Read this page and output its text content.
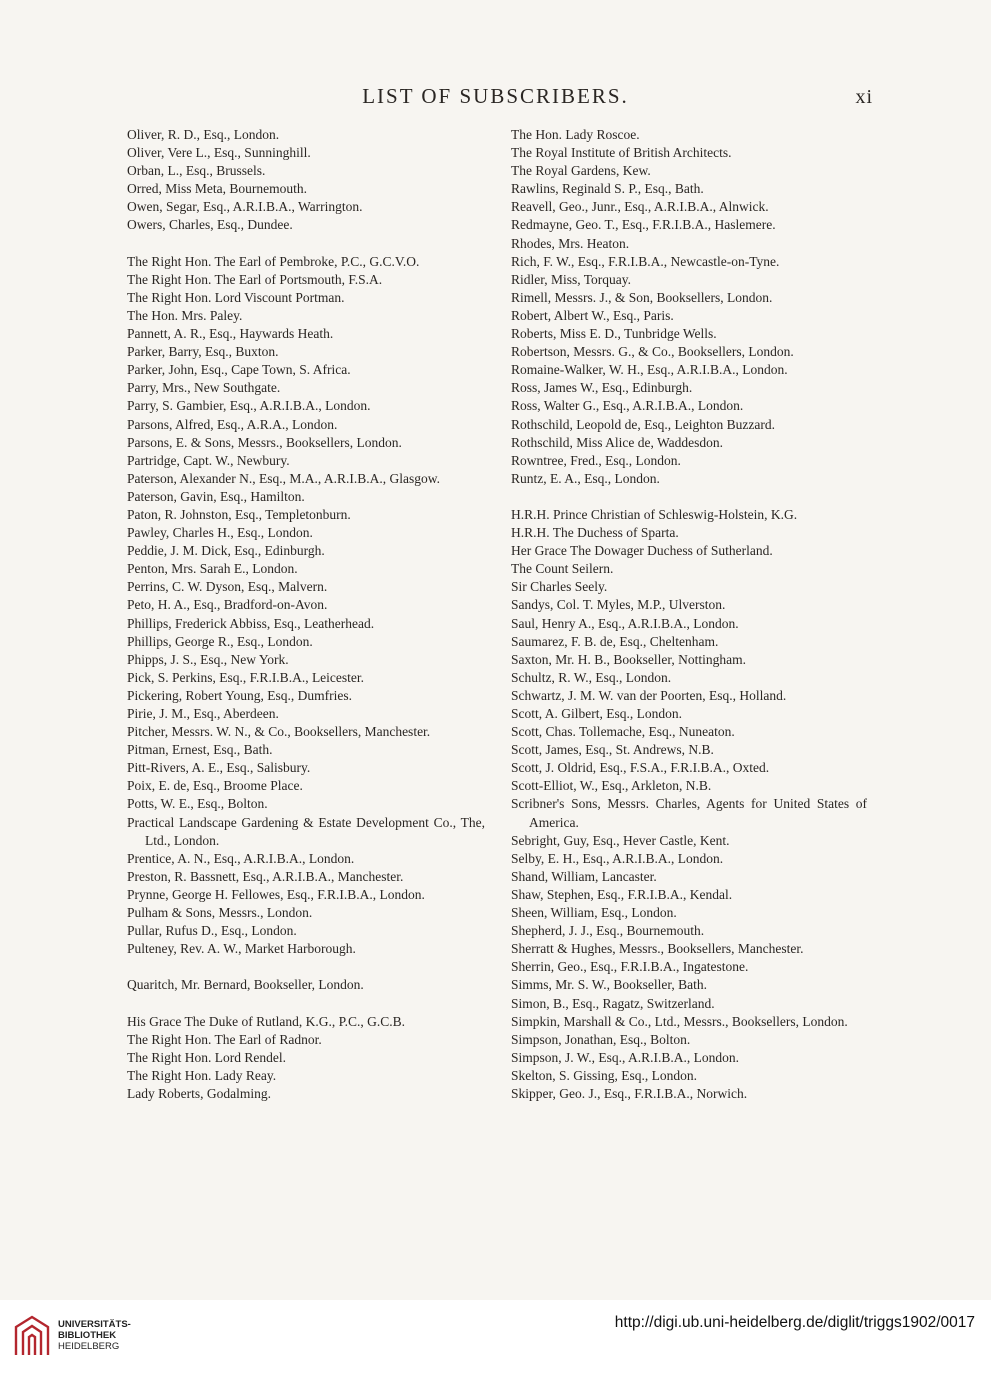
LIST OF SUBSCRIBERS.	xi
Oliver, R. D., Esq., London.
Oliver, Vere L., Esq., Sunninghill.
Orban, L., Esq., Brussels.
Orred, Miss Meta, Bournemouth.
Owen, Segar, Esq., A.R.I.B.A., Warrington.
Owers, Charles, Esq., Dundee.
The Right Hon. The Earl of Pembroke, P.C., G.C.V.O.
The Right Hon. The Earl of Portsmouth, F.S.A.
The Right Hon. Lord Viscount Portman.
The Hon. Mrs. Paley.
Pannett, A. R., Esq., Haywards Heath.
Parker, Barry, Esq., Buxton.
Parker, John, Esq., Cape Town, S. Africa.
Parry, Mrs., New Southgate.
Parry, S. Gambier, Esq., A.R.I.B.A., London.
Parsons, Alfred, Esq., A.R.A., London.
Parsons, E. & Sons, Messrs., Booksellers, London.
Partridge, Capt. W., Newbury.
Paterson, Alexander N., Esq., M.A., A.R.I.B.A., Glasgow.
Paterson, Gavin, Esq., Hamilton.
Paton, R. Johnston, Esq., Templetonburn.
Pawley, Charles H., Esq., London.
Peddie, J. M. Dick, Esq., Edinburgh.
Penton, Mrs. Sarah E., London.
Perrins, C. W. Dyson, Esq., Malvern.
Peto, H. A., Esq., Bradford-on-Avon.
Phillips, Frederick Abbiss, Esq., Leatherhead.
Phillips, George R., Esq., London.
Phipps, J. S., Esq., New York.
Pick, S. Perkins, Esq., F.R.I.B.A., Leicester.
Pickering, Robert Young, Esq., Dumfries.
Pirie, J. M., Esq., Aberdeen.
Pitcher, Messrs. W. N., & Co., Booksellers, Manchester.
Pitman, Ernest, Esq., Bath.
Pitt-Rivers, A. E., Esq., Salisbury.
Poix, E. de, Esq., Broome Place.
Potts, W. E., Esq., Bolton.
Practical Landscape Gardening & Estate Development Co., The, Ltd., London.
Prentice, A. N., Esq., A.R.I.B.A., London.
Preston, R. Bassnett, Esq., A.R.I.B.A., Manchester.
Prynne, George H. Fellowes, Esq., F.R.I.B.A., London.
Pulham & Sons, Messrs., London.
Pullar, Rufus D., Esq., London.
Pulteney, Rev. A. W., Market Harborough.
Quaritch, Mr. Bernard, Bookseller, London.
His Grace The Duke of Rutland, K.G., P.C., G.C.B.
The Right Hon. The Earl of Radnor.
The Right Hon. Lord Rendel.
The Right Hon. Lady Reay.
Lady Roberts, Godalming.
The Hon. Lady Roscoe.
The Royal Institute of British Architects.
The Royal Gardens, Kew.
Rawlins, Reginald S. P., Esq., Bath.
Reavell, Geo., Junr., Esq., A.R.I.B.A., Alnwick.
Redmayne, Geo. T., Esq., F.R.I.B.A., Haslemere.
Rhodes, Mrs. Heaton.
Rich, F. W., Esq., F.R.I.B.A., Newcastle-on-Tyne.
Ridler, Miss, Torquay.
Rimell, Messrs. J., & Son, Booksellers, London.
Robert, Albert W., Esq., Paris.
Roberts, Miss E. D., Tunbridge Wells.
Robertson, Messrs. G., & Co., Booksellers, London.
Romaine-Walker, W. H., Esq., A.R.I.B.A., London.
Ross, James W., Esq., Edinburgh.
Ross, Walter G., Esq., A.R.I.B.A., London.
Rothschild, Leopold de, Esq., Leighton Buzzard.
Rothschild, Miss Alice de, Waddesdon.
Rowntree, Fred., Esq., London.
Runtz, E. A., Esq., London.
H.R.H. Prince Christian of Schleswig-Holstein, K.G.
H.R.H. The Duchess of Sparta.
Her Grace The Dowager Duchess of Sutherland.
The Count Seilern.
Sir Charles Seely.
Sandys, Col. T. Myles, M.P., Ulverston.
Saul, Henry A., Esq., A.R.I.B.A., London.
Saumarez, F. B. de, Esq., Cheltenham.
Saxton, Mr. H. B., Bookseller, Nottingham.
Schultz, R. W., Esq., London.
Schwartz, J. M. W. van der Poorten, Esq., Holland.
Scott, A. Gilbert, Esq., London.
Scott, Chas. Tollemache, Esq., Nuneaton.
Scott, James, Esq., St. Andrews, N.B.
Scott, J. Oldrid, Esq., F.S.A., F.R.I.B.A., Oxted.
Scott-Elliot, W., Esq., Arkleton, N.B.
Scribner's Sons, Messrs. Charles, Agents for United States of America.
Sebright, Guy, Esq., Hever Castle, Kent.
Selby, E. H., Esq., A.R.I.B.A., London.
Shand, William, Lancaster.
Shaw, Stephen, Esq., F.R.I.B.A., Kendal.
Sheen, William, Esq., London.
Shepherd, J. J., Esq., Bournemouth.
Sherratt & Hughes, Messrs., Booksellers, Manchester.
Sherrin, Geo., Esq., F.R.I.B.A., Ingatestone.
Simms, Mr. S. W., Bookseller, Bath.
Simon, B., Esq., Ragatz, Switzerland.
Simpkin, Marshall & Co., Ltd., Messrs., Booksellers, London.
Simpson, Jonathan, Esq., Bolton.
Simpson, J. W., Esq., A.R.I.B.A., London.
Skelton, S. Gissing, Esq., London.
Skipper, Geo. J., Esq., F.R.I.B.A., Norwich.
UNIVERSITÄTS-
BIBLIOTHEK
HEIDELBERG
http://digi.ub.uni-heidelberg.de/diglit/triggs1902/0017
